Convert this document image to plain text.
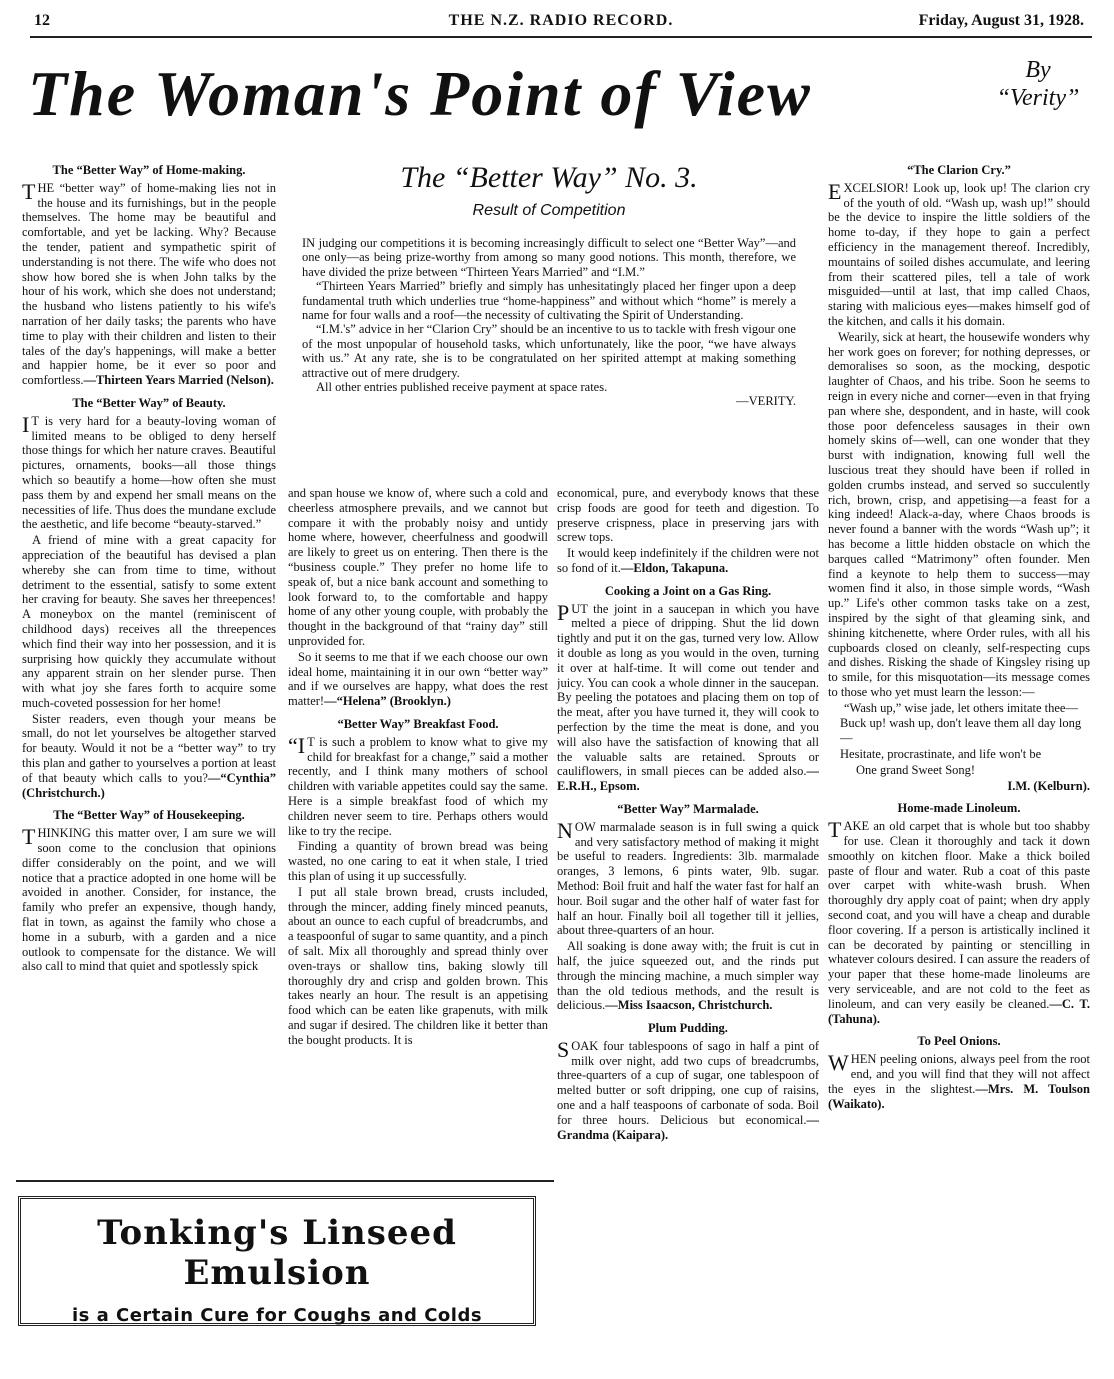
12	THE N.Z. RADIO RECORD.	Friday, August 31, 1928.
The Woman's Point of View	By
“Verity”
The “Better Way” of Home-making.

THE “better way” of home-making lies not in the house and its furnishings, but in the people themselves. The home may be beautiful and comfortable, and yet be lacking. Why? Because the tender, patient and sympathetic spirit of understanding is not there. The wife who does not show how bored she is when John talks by the hour of his work, which she does not understand; the husband who listens patiently to his wife's narration of her daily tasks; the parents who have time to play with their children and listen to their tales of the day's happenings, will make a better and happier home, be it ever so poor and comfortless.—Thirteen Years Married (Nelson).

The “Better Way” of Beauty.

I T is very hard for a beauty-loving woman of limited means to be obliged to deny herself those things for which her nature craves. Beautiful pictures, ornaments, books—all those things which so beautify a home—how often she must pass them by and expend her small means on the necessities of life. Thus does the mundane exclude the aesthetic, and life become “beauty-starved.”

A friend of mine with a great capacity for appreciation of the beautiful has devised a plan whereby she can from time to time, without detriment to the essential, satisfy to some extent her craving for beauty. She saves her threepences! A moneybox on the mantel (reminiscent of childhood days) receives all the threepences which find their way into her possession, and it is surprising how quickly they accumulate without any apparent strain on her slender purse. Then with what joy she fares forth to acquire some much-coveted possession for her home!

Sister readers, even though your means be small, do not let yourselves be altogether starved for beauty. Would it not be a “better way” to try this plan and gather to yourselves a portion at least of that beauty which calls to you?—“Cynthia” (Christchurch.)

The “Better Way” of Housekeeping.

THINKING this matter over, I am sure we will soon come to the conclusion that opinions differ considerably on the point, and we will notice that a practice adopted in one home will be avoided in another. Consider, for instance, the family who prefer an expensive, though handy, flat in town, as against the family who chose a home in a suburb, with a garden and a nice outlook to compensate for the distance. We will also call to mind that quiet and spotlessly spick

The “Better Way” No. 3.
Result of Competition

IN judging our competitions it is becoming increasingly difficult to select one “Better Way”—and one only—as being prize-worthy from among so many good notions. This month, therefore, we have divided the prize between “Thirteen Years Married” and “I.M.”

“Thirteen Years Married” briefly and simply has unhesitatingly placed her finger upon a deep fundamental truth which underlies true “home-happiness” and without which “home” is merely a name for four walls and a roof—the necessity of cultivating the Spirit of Understanding.

“I.M.'s” advice in her “Clarion Cry” should be an incentive to us to tackle with fresh vigour one of the most unpopular of household tasks, which unfortunately, like the poor, “we have always with us.” At any rate, she is to be congratulated on her spirited attempt at making something attractive out of mere drudgery.

All other entries published receive payment at space rates.

—VERITY.

and span house we know of, where such a cold and cheerless atmosphere prevails, and we cannot but compare it with the probably noisy and untidy home where, however, cheerfulness and goodwill are likely to greet us on entering. Then there is the “business couple.” They prefer no home life to speak of, but a nice bank account and something to look forward to, to the comfortable and happy home of any other young couple, with probably the thought in the background of that “rainy day” still unprovided for.

So it seems to me that if we each choose our own ideal home, maintaining it in our own “better way” and if we ourselves are happy, what does the rest matter!—“Helena” (Brooklyn.)

“Better Way” Breakfast Food.

“I T is such a problem to know what to give my child for breakfast for a change,” said a mother recently, and I think many mothers of school children with variable appetites could say the same. Here is a simple breakfast food of which my children never seem to tire. Perhaps others would like to try the recipe.

Finding a quantity of brown bread was being wasted, no one caring to eat it when stale, I tried this plan of using it up successfully.

I put all stale brown bread, crusts included, through the mincer, adding finely minced peanuts, about an ounce to each cupful of breadcrumbs, and a teaspoonful of sugar to same quantity, and a pinch of salt. Mix all thoroughly and spread thinly over oven-trays or shallow tins, baking slowly till thoroughly dry and crisp and golden brown. This takes nearly an hour. The result is an appetising food which can be eaten like grapenuts, with milk and sugar if desired. The children like it better than the bought products. It is

economical, pure, and everybody knows that these crisp foods are good for teeth and digestion. To preserve crispness, place in preserving jars with screw tops.

It would keep indefinitely if the children were not so fond of it.—Eldon, Takapuna.

Cooking a Joint on a Gas Ring.

PUT the joint in a saucepan in which you have melted a piece of dripping. Shut the lid down tightly and put it on the gas, turned very low. Allow it double as long as you would in the oven, turning it over at half-time. It will come out tender and juicy. You can cook a whole dinner in the saucepan. By peeling the potatoes and placing them on top of the meat, after you have turned it, they will cook to perfection by the time the meat is done, and you will also have the satisfaction of knowing that all the valuable salts are retained. Sprouts or cauliflowers, in small pieces can be added also.—E.R.H., Epsom.

“Better Way” Marmalade.

NOW marmalade season is in full swing a quick and very satisfactory method of making it might be useful to readers. Ingredients: 3lb. marmalade oranges, 3 lemons, 6 pints water, 9lb. sugar. Method: Boil fruit and half the water fast for half an hour. Boil sugar and the other half of water fast for half an hour. Finally boil all together till it jellies, about three-quarters of an hour.

All soaking is done away with; the fruit is cut in half, the juice squeezed out, and the rinds put through the mincing machine, a much simpler way than the old tedious methods, and the result is delicious.—Miss Isaacson, Christchurch.

Plum Pudding.

SOAK four tablespoons of sago in half a pint of milk over night, add two cups of breadcrumbs, three-quarters of a cup of sugar, one tablespoon of melted butter or soft dripping, one cup of raisins, one and a half teaspoons of carbonate of soda. Boil for three hours. Delicious but economical.—Grandma (Kaipara).

“The Clarion Cry.”

EXCELSIOR! Look up, look up! The clarion cry of the youth of old. “Wash up, wash up!” should be the device to inspire the little soldiers of the home to-day, if they hope to gain a perfect efficiency in the management thereof. Incredibly, mountains of soiled dishes accumulate, and leering from their scattered piles, tell a tale of work misguided—until at last, that imp called Chaos, staring with malicious eyes—makes himself god of the kitchen, and calls it his domain.

Wearily, sick at heart, the housewife wonders why her work goes on forever; for nothing depresses, or demoralises so soon, as the mocking, despotic laughter of Chaos, and his tribe. Soon he seems to reign in every niche and corner—even in that frying pan where she, despondent, and in haste, will cook those poor defenceless sausages in their own homely skins of—well, can one wonder that they burst with indignation, knowing full well the luscious treat they should have been if rolled in golden crumbs instead, and served so succulently rich, brown, crisp, and appetising—a feast for a king indeed! Alack-a-day, where Chaos broods is never found a banner with the words “Wash up”; it has become a little hidden obstacle on which the barques called “Matrimony” often founder. Men find a keynote to help them to success—may women find it also, in those simple words, “Wash up.” Life's other common tasks take on a zest, inspired by the sight of that gleaming sink, and shining kitchenette, where Order rules, with all his cupboards closed on cleanly, self-respecting cups and dishes. Risking the shade of Kingsley rising up to smile, for this misquotation—its message comes to those who yet must learn the lesson:—

“Wash up,” wise jade, let others imitate thee—

Buck up! wash up, don't leave them all day long—

Hesitate, procrastinate, and life won't be

One grand Sweet Song!

I.M. (Kelburn).

Home-made Linoleum.

TAKE an old carpet that is whole but too shabby for use. Clean it thoroughly and tack it down smoothly on kitchen floor. Make a thick boiled paste of flour and water. Rub a coat of this paste over carpet with white-wash brush. When thoroughly dry apply coat of paint; when dry apply second coat, and you will have a cheap and durable floor covering. If a person is artistically inclined it can be decorated by painting or stencilling in whatever colours desired. I can assure the readers of your paper that these home-made linoleums are very serviceable, and are not cold to the feet as linoleum, and can very easily be cleaned.—C. T. (Tahuna).

To Peel Onions.

WHEN peeling onions, always peel from the root end, and you will find that they will not affect the eyes in the slightest.—Mrs. M. Toulson (Waikato).

Tonking's Linseed Emulsion
is a Certain Cure for Coughs and Colds
